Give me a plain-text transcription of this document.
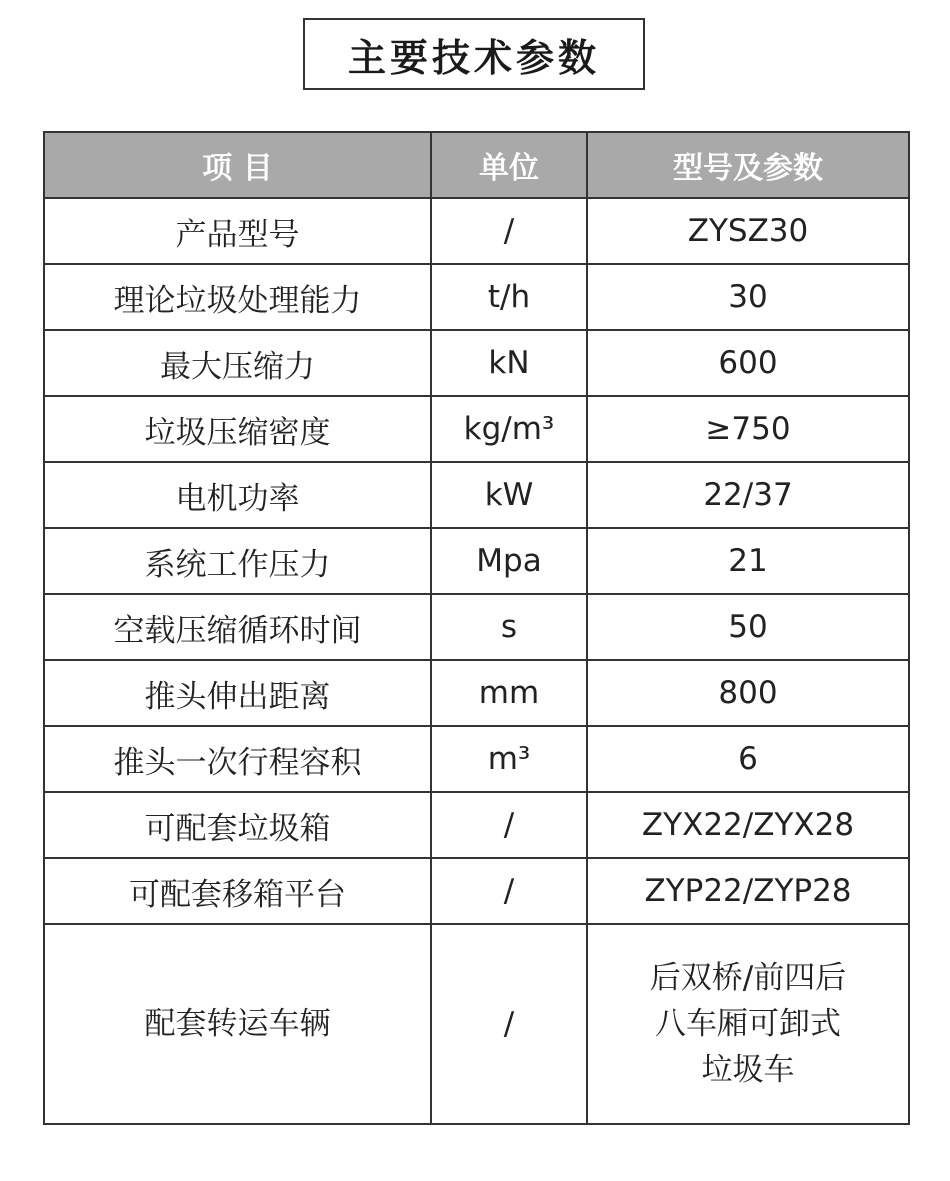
主要技术参数
项 目	单位	型号及参数
产品型号	/	ZYSZ30
理论垃圾处理能力	t/h	30
最大压缩力	kN	600
垃圾压缩密度	kg/m³	≥750
电机功率	kW	22/37
系统工作压力	Mpa	21
空载压缩循环时间	s	50
推头伸出距离	mm	800
推头一次行程容积	m³	6
可配套垃圾箱	/	ZYX22/ZYX28
可配套移箱平台	/	ZYP22/ZYP28
配套转运车辆	/	后双桥/前四后
八车厢可卸式
垃圾车
